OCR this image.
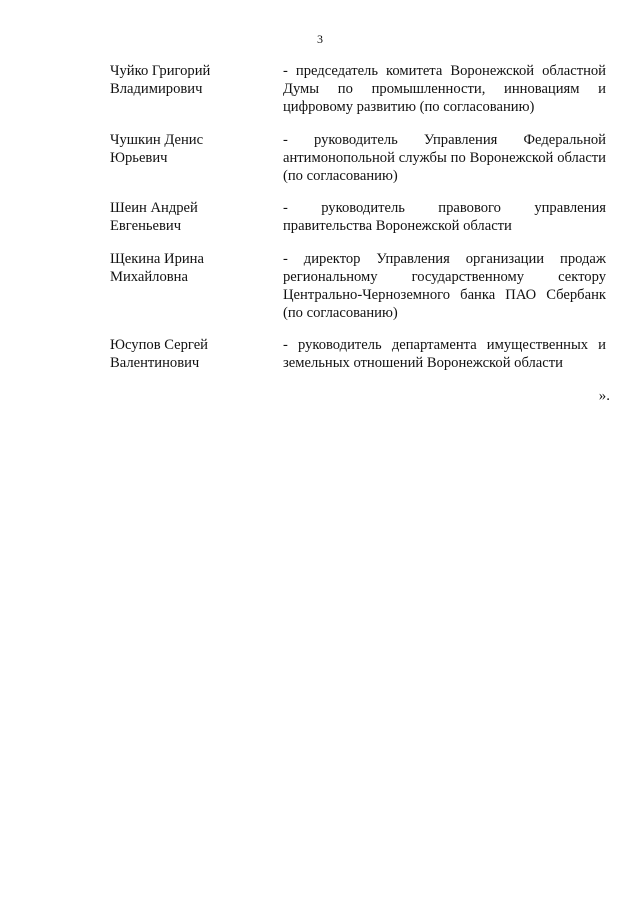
3
Чуйко Григорий
Владимирович
- председатель комитета Воронежской областной Думы по промышленности, инновациям и цифровому развитию (по согласованию)
Чушкин Денис
Юрьевич
- руководитель Управления Федеральной антимонопольной службы по Воронежской области (по согласованию)
Шеин Андрей
Евгеньевич
- руководитель правового управления правительства Воронежской области
Щекина Ирина
Михайловна
- директор Управления организации продаж региональному государственному сектору Центрально-Черноземного банка ПАО Сбербанк (по согласованию)
Юсупов Сергей
Валентинович
- руководитель департамента имущественных и земельных отношений Воронежской области
».
